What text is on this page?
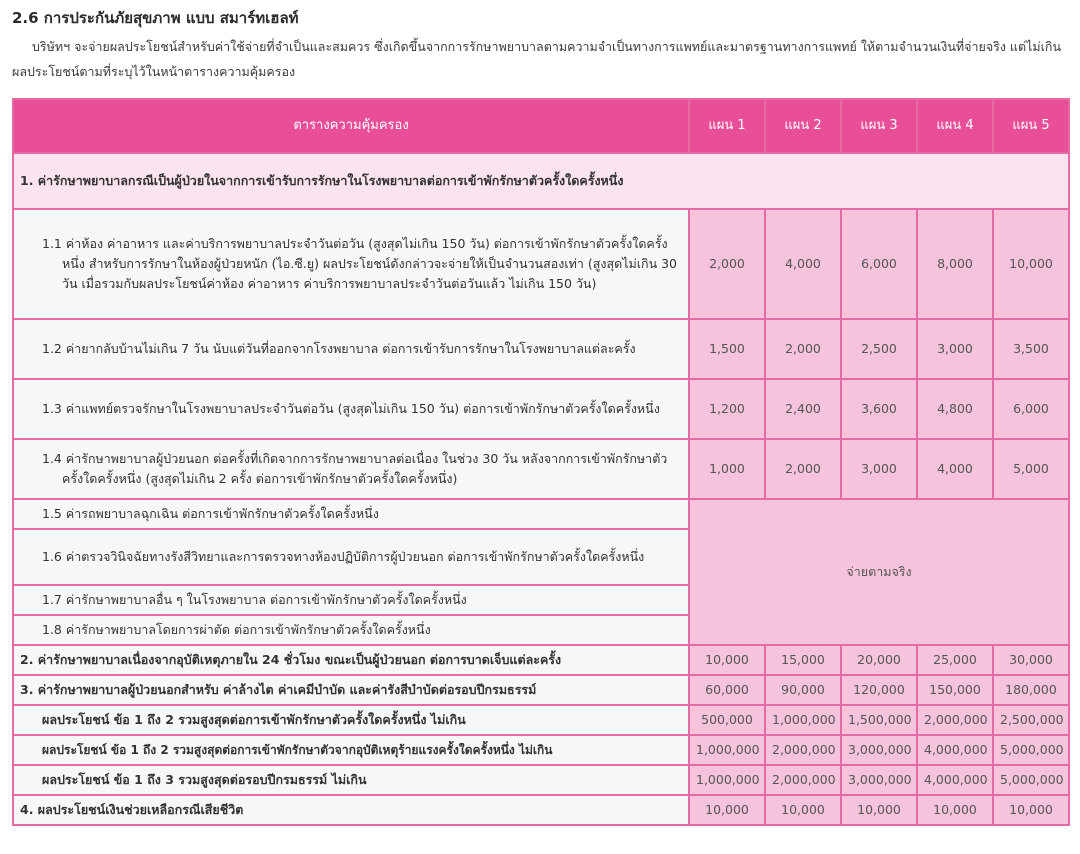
2.6 การประกันภัยสุขภาพ แบบ สมาร์ทเฮลท์
บริษัทฯ จะจ่ายผลประโยชน์สำหรับค่าใช้จ่ายที่จำเป็นและสมควร ซึ่งเกิดขึ้นจากการรักษาพยาบาลตามความจำเป็นทางการแพทย์และมาตรฐานทางการแพทย์ ให้ตามจำนวนเงินที่จ่ายจริง แต่ไม่เกินผลประโยชน์ตามที่ระบุไว้ในหน้าตารางความคุ้มครอง
ตารางความคุ้มครอง	แผน 1	แผน 2	แผน 3	แผน 4	แผน 5
1. ค่ารักษาพยาบาลกรณีเป็นผู้ป่วยในจากการเข้ารับการรักษาในโรงพยาบาลต่อการเข้าพักรักษาตัวครั้งใดครั้งหนึ่ง					

1.1 ค่าห้อง ค่าอาหาร และค่าบริการพยาบาลประจำวันต่อวัน (สูงสุดไม่เกิน 150 วัน) ต่อการเข้าพักรักษาตัวครั้งใดครั้งหนึ่ง สำหรับการรักษาในห้องผู้ป่วยหนัก (ไอ.ซี.ยู) ผลประโยชน์ดังกล่าวจะจ่ายให้เป็นจำนวนสองเท่า (สูงสุดไม่เกิน 30 วัน เมื่อรวมกับผลประโยชน์ค่าห้อง ค่าอาหาร ค่าบริการพยาบาลประจำวันต่อวันแล้ว ไม่เกิน 150 วัน)	2,000	4,000	6,000	8,000	10,000

1.2 ค่ายากลับบ้านไม่เกิน 7 วัน นับแต่วันที่ออกจากโรงพยาบาล ต่อการเข้ารับการรักษาในโรงพยาบาลแต่ละครั้ง	1,500	2,000	2,500	3,000	3,500

1.3 ค่าแพทย์ตรวจรักษาในโรงพยาบาลประจำวันต่อวัน (สูงสุดไม่เกิน 150 วัน) ต่อการเข้าพักรักษาตัวครั้งใดครั้งหนึ่ง	1,200	2,400	3,600	4,800	6,000

1.4 ค่ารักษาพยาบาลผู้ป่วยนอก ต่อครั้งที่เกิดจากการรักษาพยาบาลต่อเนื่อง ในช่วง 30 วัน หลังจากการเข้าพักรักษาตัวครั้งใดครั้งหนึ่ง (สูงสุดไม่เกิน 2 ครั้ง ต่อการเข้าพักรักษาตัวครั้งใดครั้งหนึ่ง)	1,000	2,000	3,000	4,000	5,000

1.5 ค่ารถพยาบาลฉุกเฉิน ต่อการเข้าพักรักษาตัวครั้งใดครั้งหนึ่ง	จ่ายตามจริง				

1.6 ค่าตรวจวินิจฉัยทางรังสีวิทยาและการตรวจทางห้องปฏิบัติการผู้ป่วยนอก ต่อการเข้าพักรักษาตัวครั้งใดครั้งหนึ่ง					

1.7 ค่ารักษาพยาบาลอื่น ๆ ในโรงพยาบาล ต่อการเข้าพักรักษาตัวครั้งใดครั้งหนึ่ง					

1.8 ค่ารักษาพยาบาลโดยการผ่าตัด ต่อการเข้าพักรักษาตัวครั้งใดครั้งหนึ่ง					

2. ค่ารักษาพยาบาลเนื่องจากอุบัติเหตุภายใน 24 ชั่วโมง ขณะเป็นผู้ป่วยนอก ต่อการบาดเจ็บแต่ละครั้ง	10,000	15,000	20,000	25,000	30,000
3. ค่ารักษาพยาบาลผู้ป่วยนอกสำหรับ ค่าล้างไต ค่าเคมีบำบัด และค่ารังสีบำบัดต่อรอบปีกรมธรรม์	60,000	90,000	120,000	150,000	180,000
ผลประโยชน์ ข้อ 1 ถึง 2 รวมสูงสุดต่อการเข้าพักรักษาตัวครั้งใดครั้งหนึ่ง ไม่เกิน	500,000	1,000,000	1,500,000	2,000,000	2,500,000
ผลประโยชน์ ข้อ 1 ถึง 2 รวมสูงสุดต่อการเข้าพักรักษาตัวจากอุบัติเหตุร้ายแรงครั้งใดครั้งหนึ่ง ไม่เกิน	1,000,000	2,000,000	3,000,000	4,000,000	5,000,000
ผลประโยชน์ ข้อ 1 ถึง 3 รวมสูงสุดต่อรอบปีกรมธรรม์ ไม่เกิน	1,000,000	2,000,000	3,000,000	4,000,000	5,000,000
4. ผลประโยชน์เงินช่วยเหลือกรณีเสียชีวิต	10,000	10,000	10,000	10,000	10,000
